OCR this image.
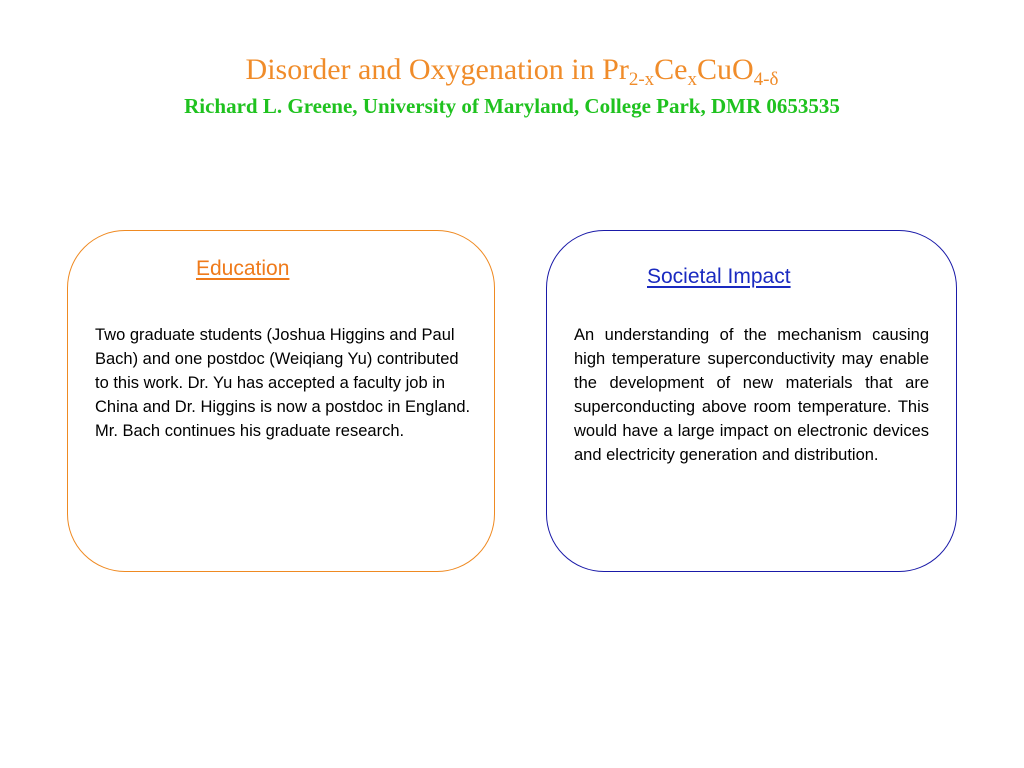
Disorder and Oxygenation in $Pr_{2-x}Ce_xCuO_{4-\delta}$
Richard L. Greene, University of Maryland, College Park, DMR 0653535
Education
Two graduate students (Joshua Higgins and Paul Bach) and one postdoc (Weiqiang Yu) contributed to this work. Dr. Yu has accepted a faculty job in China and Dr. Higgins is now a postdoc in England. Mr. Bach continues his graduate research.
Societal Impact
An understanding of the mechanism causing high temperature superconductivity may enable the development of new materials that are superconducting above room temperature. This would have a large impact on electronic devices and electricity generation and distribution.
